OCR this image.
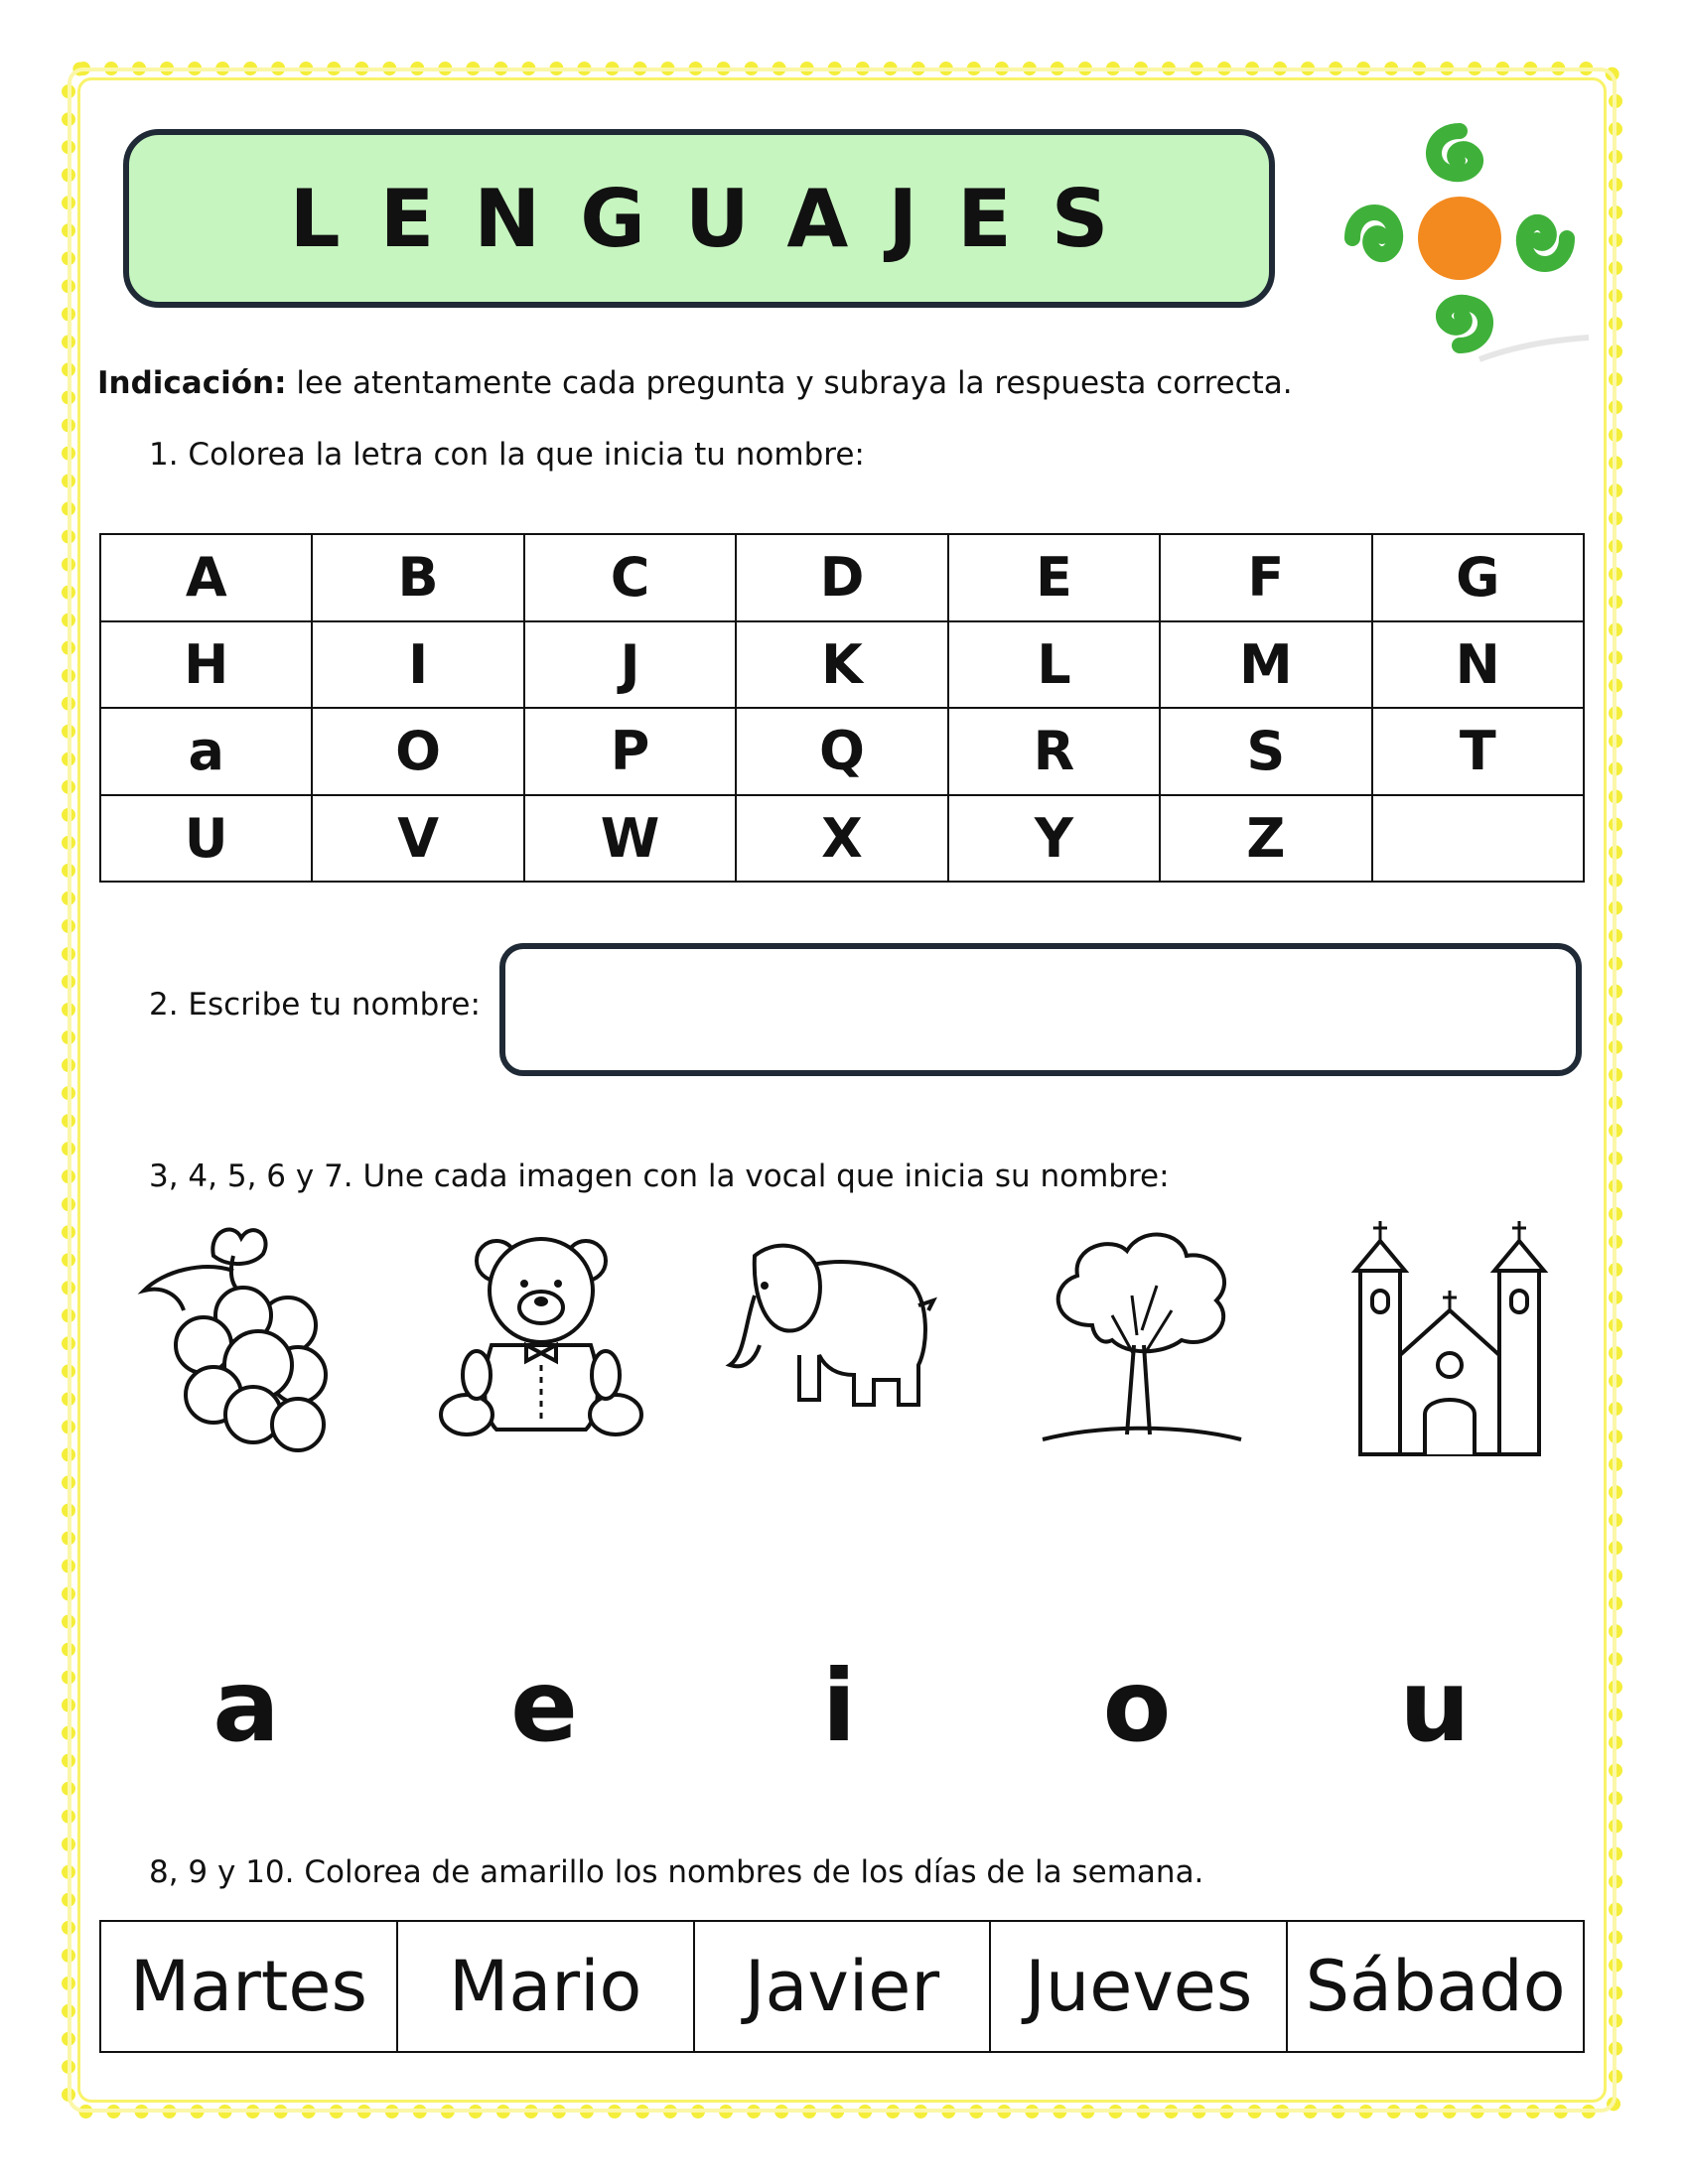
LENGUAJES
Indicación: lee atentamente cada pregunta y subraya la respuesta correcta.
1. Colorea la letra con la que inicia tu nombre:
A	B	C	D	E	F	G
H	I	J	K	L	M	N
a	O	P	Q	R	S	T
U	V	W	X	Y	Z	
2. Escribe tu nombre:
3, 4, 5, 6 y 7. Une cada imagen con la vocal que inicia su nombre:
a e	i	o u
8, 9 y 10. Colorea de amarillo los nombres de los días de la semana.
Martes	Mario	Javier	Jueves	Sábado
